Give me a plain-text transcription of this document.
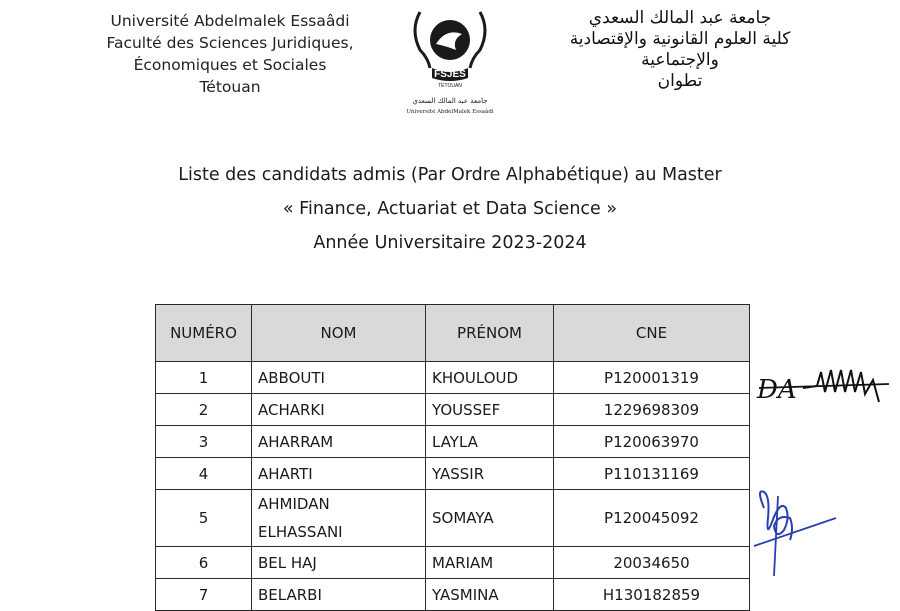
Université Abdelmalek Essaâdi
Faculté des Sciences Juridiques,
Économiques et Sociales
Tétouan
FSJES
TÉTOUAN
جامعة عبد المالك السعدي
Université AbdelMalek Essaâdi
جامعة عبد المالك السعدي
كلية العلوم القانونية والإقتصادية
والإجتماعية
تطوان
Liste des candidats admis (Par Ordre Alphabétique) au Master
« Finance, Actuariat et Data Science »
Année Universitaire 2023-2024
NUMÉRO	NOM	PRÉNOM	CNE
1	ABBOUTI	KHOULOUD	P120001319
2	ACHARKI	YOUSSEF	1229698309
3	AHARRAM	LAYLA	P120063970
4	AHARTI	YASSIR	P110131169
5	AHMIDAN
ELHASSANI	SOMAYA	P120045092
6	BEL HAJ	MARIAM	20034650
7	BELARBI	YASMINA	H130182859
DA
